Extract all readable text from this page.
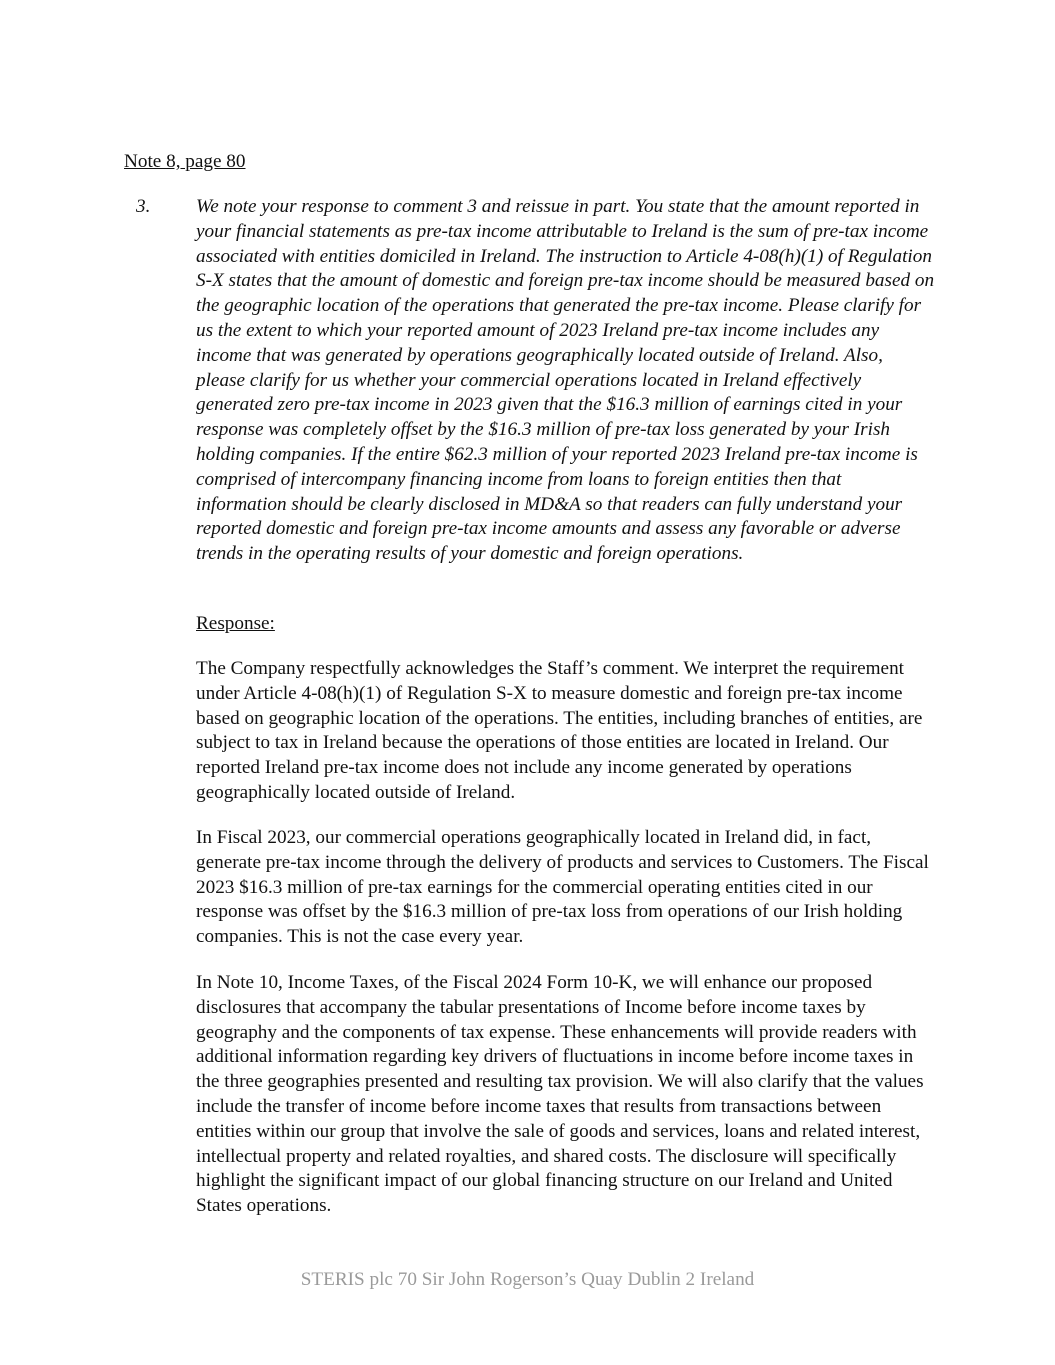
Note 8, page 80

3. We note your response to comment 3 and reissue in part. You state that the amount reported in your financial statements as pre-tax income attributable to Ireland is the sum of pre-tax income associated with entities domiciled in Ireland. The instruction to Article 4-08(h)(1) of Regulation S-X states that the amount of domestic and foreign pre-tax income should be measured based on the geographic location of the operations that generated the pre-tax income. Please clarify for us the extent to which your reported amount of 2023 Ireland pre-tax income includes any income that was generated by operations geographically located outside of Ireland. Also, please clarify for us whether your commercial operations located in Ireland effectively generated zero pre-tax income in 2023 given that the $16.3 million of earnings cited in your response was completely offset by the $16.3 million of pre-tax loss generated by your Irish holding companies. If the entire $62.3 million of your reported 2023 Ireland pre-tax income is comprised of intercompany financing income from loans to foreign entities then that information should be clearly disclosed in MD&A so that readers can fully understand your reported domestic and foreign pre-tax income amounts and assess any favorable or adverse trends in the operating results of your domestic and foreign operations.

Response:

The Company respectfully acknowledges the Staff’s comment. We interpret the requirement under Article 4-08(h)(1) of Regulation S-X to measure domestic and foreign pre-tax income based on geographic location of the operations. The entities, including branches of entities, are subject to tax in Ireland because the operations of those entities are located in Ireland. Our reported Ireland pre-tax income does not include any income generated by operations geographically located outside of Ireland.

In Fiscal 2023, our commercial operations geographically located in Ireland did, in fact, generate pre-tax income through the delivery of products and services to Customers. The Fiscal 2023 $16.3 million of pre-tax earnings for the commercial operating entities cited in our response was offset by the $16.3 million of pre-tax loss from operations of our Irish holding companies. This is not the case every year.

In Note 10, Income Taxes, of the Fiscal 2024 Form 10-K, we will enhance our proposed disclosures that accompany the tabular presentations of Income before income taxes by geography and the components of tax expense. These enhancements will provide readers with additional information regarding key drivers of fluctuations in income before income taxes in the three geographies presented and resulting tax provision. We will also clarify that the values include the transfer of income before income taxes that results from transactions between entities within our group that involve the sale of goods and services, loans and related interest, intellectual property and related royalties, and shared costs. The disclosure will specifically highlight the significant impact of our global financing structure on our Ireland and United States operations.

STERIS plc 70 Sir John Rogerson’s Quay Dublin 2 Ireland
